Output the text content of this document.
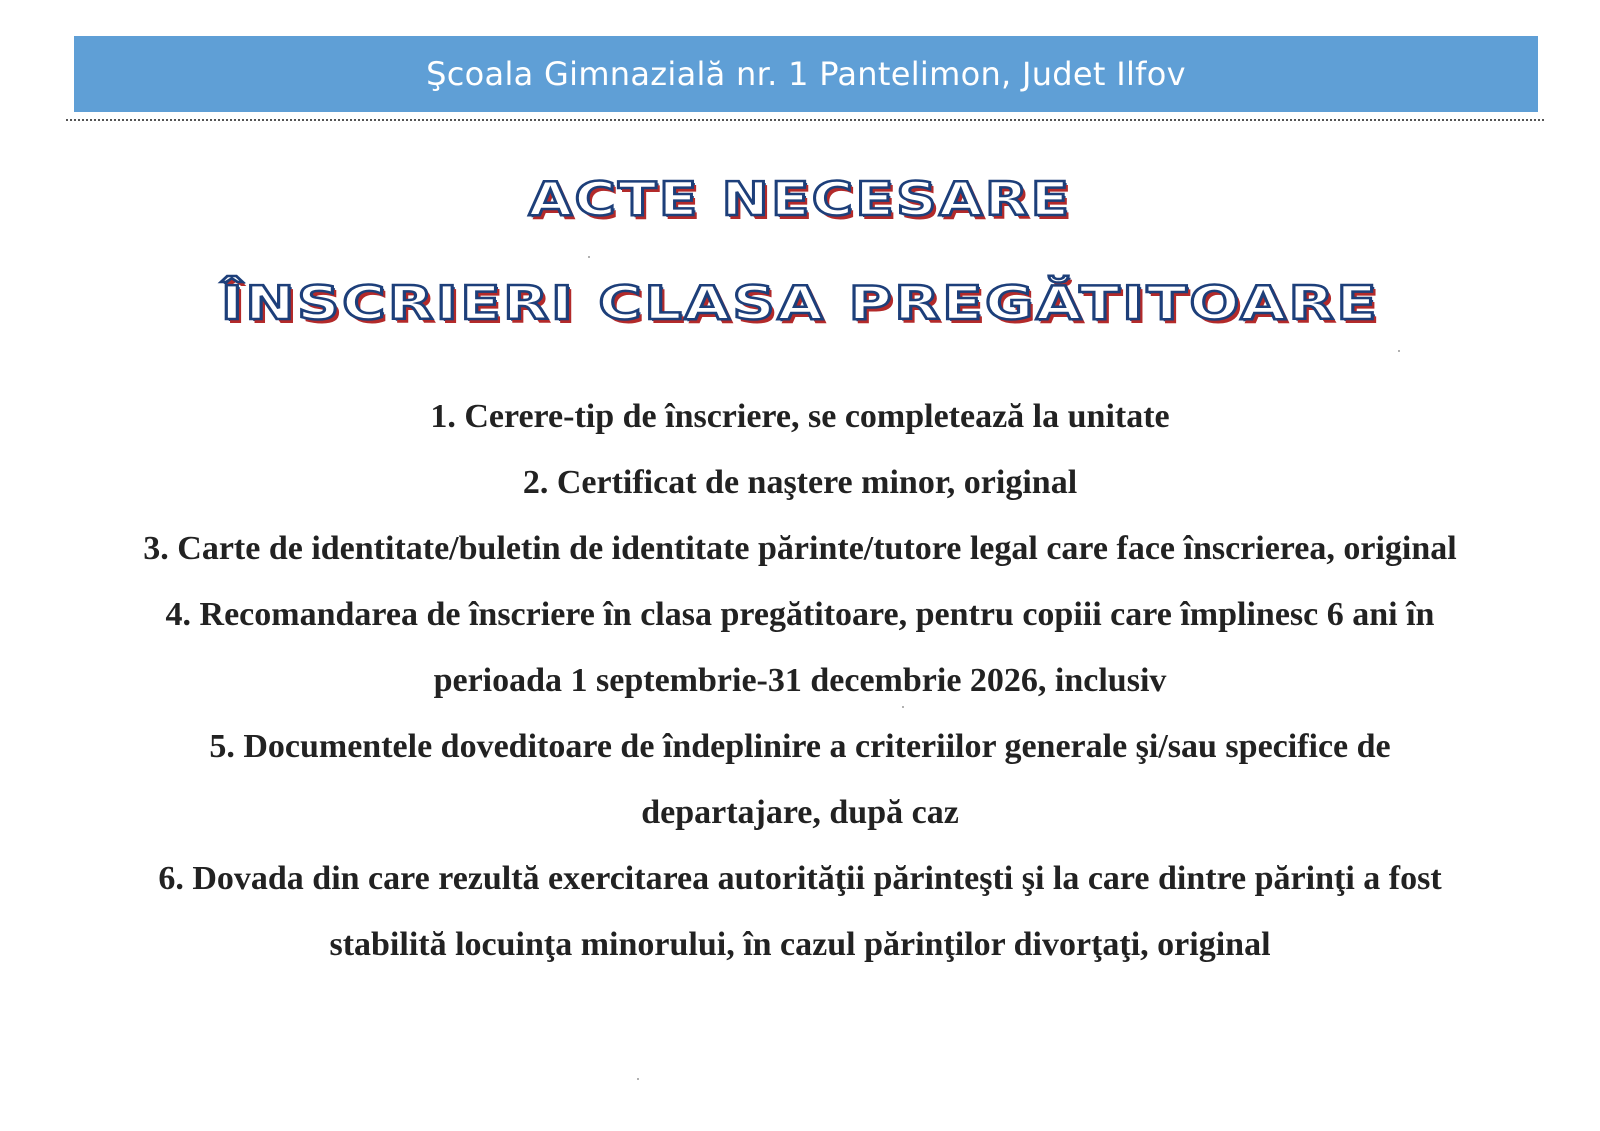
Şcoala Gimnazială nr. 1 Pantelimon, Judet Ilfov
ACTE NECESARE
ÎNSCRIERI CLASA PREGĂTITOARE
1. Cerere-tip de înscriere, se completează la unitate
2. Certificat de naştere minor, original
3. Carte de identitate/buletin de identitate părinte/tutore legal care face înscrierea, original
4. Recomandarea de înscriere în clasa pregătitoare, pentru copiii care împlinesc 6 ani în
perioada 1 septembrie-31 decembrie 2026, inclusiv
5. Documentele doveditoare de îndeplinire a criteriilor generale şi/sau specifice de
departajare, după caz
6. Dovada din care rezultă exercitarea autorităţii părinteşti şi la care dintre părinţi a fost
stabilită locuinţa minorului, în cazul părinţilor divorţaţi, original
